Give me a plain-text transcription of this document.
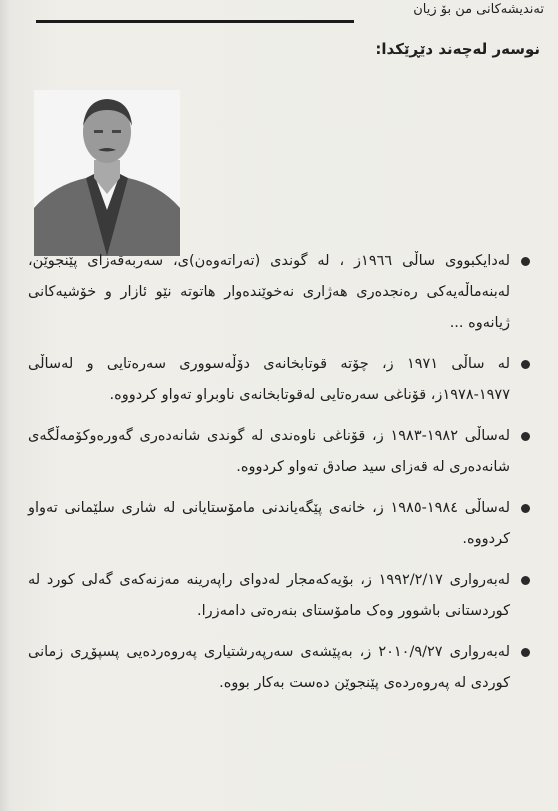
تەندیشەکانی من بۆ زیان
نوسەر لەچەند دێڕێکدا:
لەدایکبووی ساڵی ١٩٦٦ز ، لە گوندی (تەراتەوەن)ی، سەربەقەزای پێنجوێن، لەبنەماڵەیەکی رەنجدەری هەژاری نەخوێندەوار هاتوتە نێو ئازار و خۆشیەکانی ژیانەوە ...
لە ساڵی ١٩٧١ ز، چۆتە قوتابخانەی دۆڵەسووری سەرەتایی و لەساڵی ١٩٧٧-١٩٧٨ز، قۆناغی سەرەتایی لەقوتابخانەی ناوبراو تەواو کردووە.
لەساڵی ١٩٨٢-١٩٨٣ ز، قۆناغی ناوەندی لە گوندی شانەدەری گەورەوکۆمەڵگەی شانەدەری لە قەزای سید صادق تەواو کردووە.
لەساڵی ١٩٨٤-١٩٨٥ ز، خانەی پێگەیاندنی مامۆستایانی لە شاری سلێمانی تەواو کردووە.
لەبەرواری ١٩٩٢/٢/١٧ ز، بۆیەکەمجار لەدوای راپەرینە مەزنەکەی گەلی کورد لە کوردستانی باشوور وەک مامۆستای بنەرەتی دامەزرا.
لەبەرواری ٢٠١٠/٩/٢٧ ز، بەپێشەی سەرپەرشتیاری پەروەردەیی پسپۆڕی زمانی کوردی لە پەروەردەی پێنجوێن دەست بەکار بووە.
